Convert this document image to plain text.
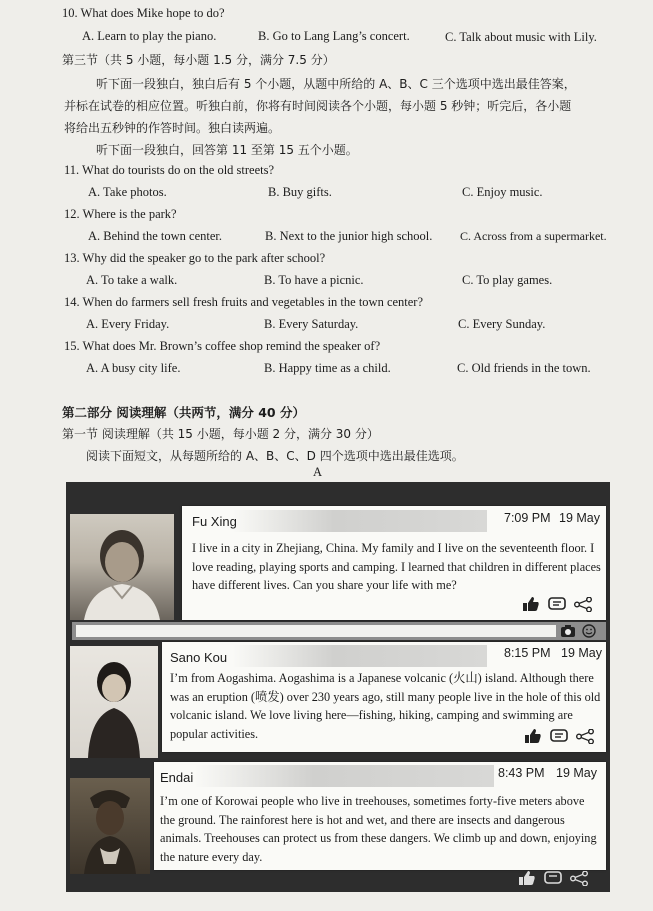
10. What does Mike hope to do?
A. Learn to play the piano.	B. Go to Lang Lang’s concert.	C. Talk about music with Lily.
第三节（共 5 小题，每小题 1.5 分，满分 7.5 分）
听下面一段独白，独白后有 5 个小题，从题中所给的 A、B、C 三个选项中选出最佳答案，
并标在试卷的相应位置。听独白前，你将有时间阅读各个小题，每小题 5 秒钟；听完后，各小题
将给出五秒钟的作答时间。独白读两遍。
听下面一段独白，回答第 11 至第 15 五个小题。
11. What do tourists do on the old streets?
A. Take photos.	B. Buy gifts.	C. Enjoy music.
12. Where is the park?
A. Behind the town center.	B. Next to the junior high school. C. Across from a supermarket.
13. Why did the speaker go to the park after school?
A. To take a walk.	B. To have a picnic.	C. To play games.
14. When do farmers sell fresh fruits and vegetables in the town center?
A. Every Friday.	B. Every Saturday.	C. Every Sunday.
15. What does Mr. Brown’s coffee shop remind the speaker of?
A. A busy city life.	B. Happy time as a child.	C. Old friends in the town.
第二部分 阅读理解（共两节，满分 40 分）
第一节 阅读理解（共 15 小题，每小题 2 分，满分 30 分）
阅读下面短文，从每题所给的 A、B、C、D 四个选项中选出最佳选项。
A
Fu Xing	7:09 PM 19 May
I live in a city in Zhejiang, China. My family and I live on the seventeenth floor. I love reading, playing sports and camping. I learned that children in different places have different lives. Can you share your life with me?
Sano Kou	8:15 PM 19 May
I’m from Aogashima. Aogashima is a Japanese volcanic (火山) island. Although there was an eruption (喷发) over 230 years ago, still many people live in the hole of this old volcanic island. We love living here—fishing, hiking, camping and swimming are popular activities.
Endai	8:43 PM 19 May
I’m one of Korowai people who live in treehouses, sometimes forty-five meters above the ground. The rainforest here is hot and wet, and there are insects and dangerous animals. Treehouses can protect us from these dangers. We climb up and down, enjoying the nature every day.
